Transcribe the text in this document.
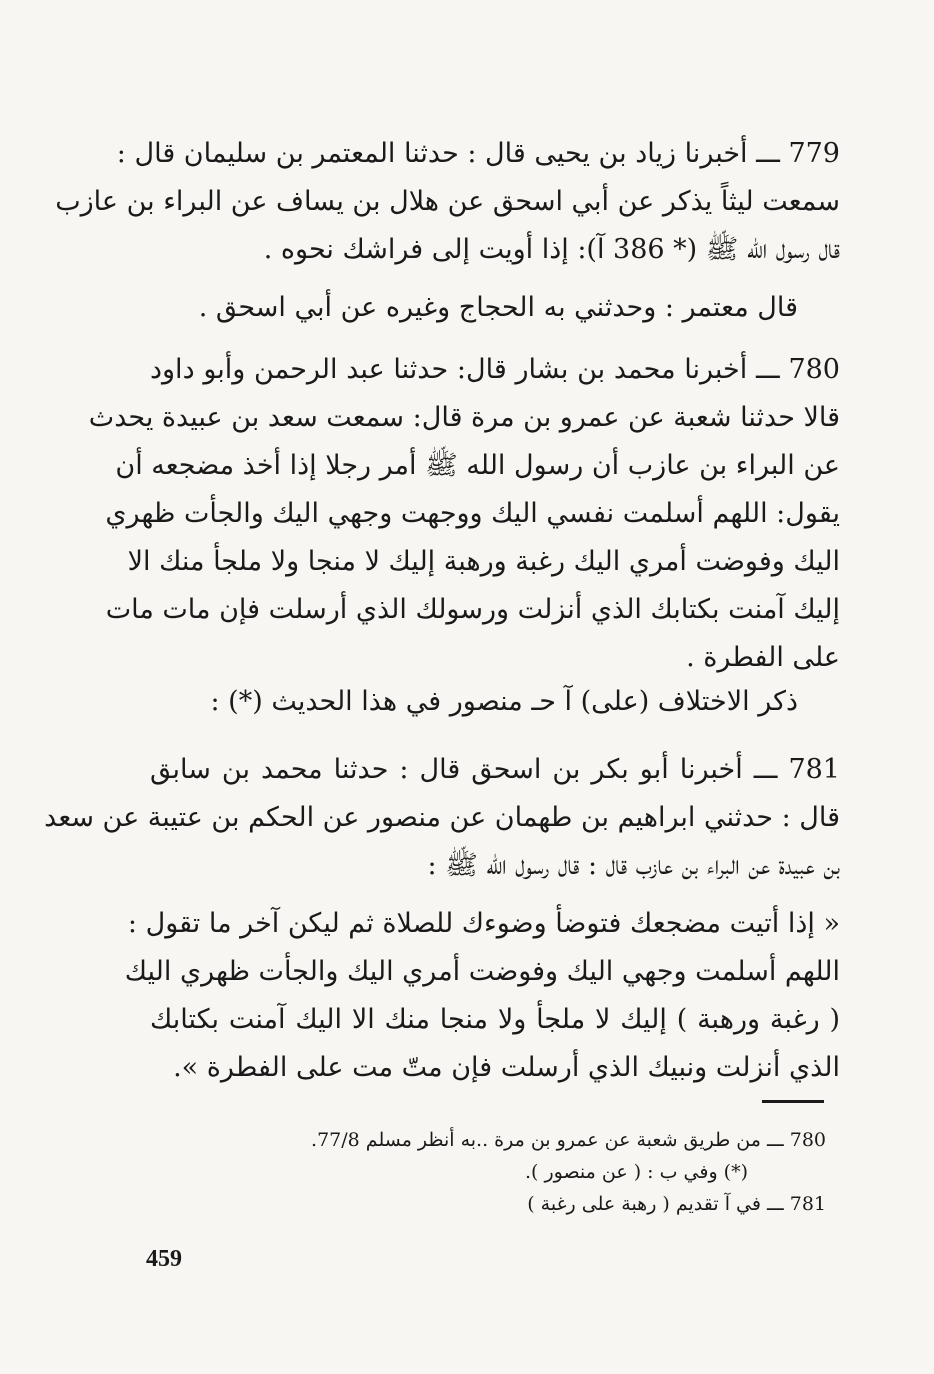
779 ـــ أخبرنا زياد بن يحيى قال : حدثنا المعتمر بن سليمان قال :
سمعت ليثاً يذكر عن أبي اسحق عن هلال بن يساف عن البراء بن عازب
قال رسول الله ﷺ (* 386 آ): إذا أويت إلى فراشك نحوه .
قال معتمر : وحدثني به الحجاج وغيره عن أبي اسحق .
780 ـــ أخبرنا محمد بن بشار قال: حدثنا عبد الرحمن وأبو داود
قالا حدثنا شعبة عن عمرو بن مرة قال: سمعت سعد بن عبيدة يحدث
عن البراء بن عازب أن رسول الله ﷺ أمر رجلا إذا أخذ مضجعه أن
يقول: اللهم أسلمت نفسي اليك ووجهت وجهي اليك والجأت ظهري
اليك وفوضت أمري اليك رغبة ورهبة إليك لا منجا ولا ملجأ منك الا
إليك آمنت بكتابك الذي أنزلت ورسولك الذي أرسلت فإن مات مات
على الفطرة .
ذكر الاختلاف (على) آ حـ منصور في هذا الحديث (*) :
781 ـــ أخبرنا أبو بكر بن اسحق قال : حدثنا محمد بن سابق
قال : حدثني ابراهيم بن طهمان عن منصور عن الحكم بن عتيبة عن سعد
بن عبيدة عن البراء بن عازب قال : قال رسول الله ﷺ :
« إذا أتيت مضجعك فتوضأ وضوءك للصلاة ثم ليكن آخر ما تقول :
اللهم أسلمت وجهي اليك وفوضت أمري اليك والجأت ظهري اليك
( رغبة ورهبة ) إليك لا ملجأ ولا منجا منك الا اليك آمنت بكتابك
الذي أنزلت ونبيك الذي أرسلت فإن متّ مت على الفطرة ».
780 ـــ من طريق شعبة عن عمرو بن مرة ..به أنظر مسلم 77/8.
(*) وفي ب : ( عن منصور ).
781 ـــ في آ تقديم ( رهبة على رغبة )
459
